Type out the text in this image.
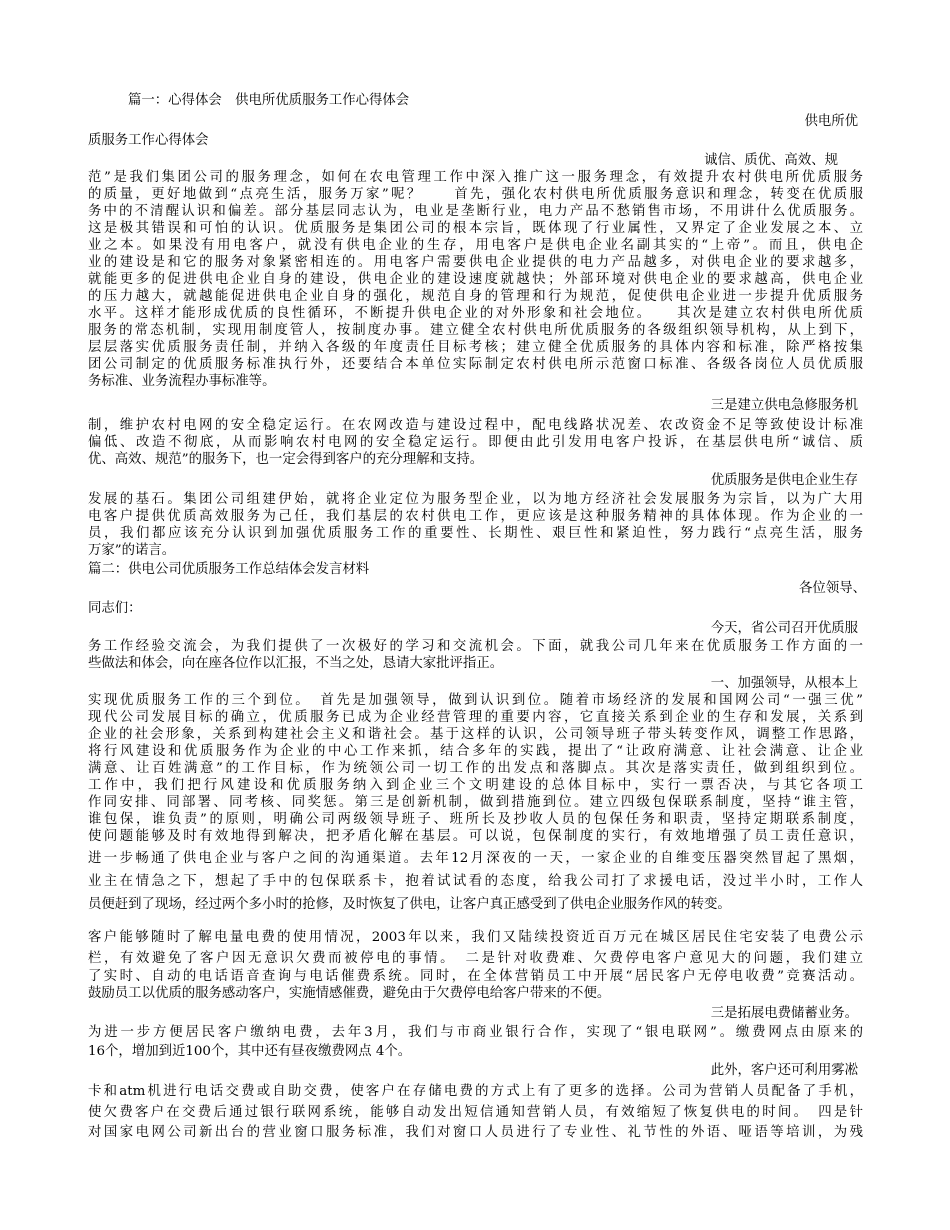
篇一：心得体会　供电所优质服务工作心得体会
供电所优
质服务工作心得体会
诚信、质优、高效、规
范”是我们集团公司的服务理念，如何在农电管理工作中深入推广这一服务理念，有效提升农村供电所优质服务
的质量，更好地做到“点亮生活，服务万家”呢？　　首先，强化农村供电所优质服务意识和理念，转变在优质服
务中的不清醒认识和偏差。部分基层同志认为，电业是垄断行业，电力产品不愁销售市场，不用讲什么优质服务。
这是极其错误和可怕的认识。优质服务是集团公司的根本宗旨，既体现了行业属性，又界定了企业发展之本、立
业之本。如果没有用电客户，就没有供电企业的生存，用电客户是供电企业名副其实的“上帝”。而且，供电企
业的建设是和它的服务对象紧密相连的。用电客户需要供电企业提供的电力产品越多，对供电企业的要求越多，
就能更多的促进供电企业自身的建设，供电企业的建设速度就越快；外部环境对供电企业的要求越高，供电企业
的压力越大，就越能促进供电企业自身的强化，规范自身的管理和行为规范，促使供电企业进一步提升优质服务
水平。这样才能形成优质的良性循环，不断提升供电企业的对外形象和社会地位。　　其次是建立农村供电所优质
服务的常态机制，实现用制度管人，按制度办事。建立健全农村供电所优质服务的各级组织领导机构，从上到下，
层层落实优质服务责任制，并纳入各级的年度责任目标考核；建立健全优质服务的具体内容和标准，除严格按集
团公司制定的优质服务标准执行外，还要结合本单位实际制定农村供电所示范窗口标准、各级各岗位人员优质服
务标准、业务流程办事标准等。
三是建立供电急修服务机
制，维护农村电网的安全稳定运行。在农网改造与建设过程中，配电线路状况差、农改资金不足等致使设计标准
偏低、改造不彻底，从而影响农村电网的安全稳定运行。即便由此引发用电客户投诉，在基层供电所“诚信、质
优、高效、规范”的服务下，也一定会得到客户的充分理解和支持。
优质服务是供电企业生存
发展的基石。集团公司组建伊始，就将企业定位为服务型企业，以为地方经济社会发展服务为宗旨，以为广大用
电客户提供优质高效服务为己任，我们基层的农村供电工作，更应该是这种服务精神的具体体现。作为企业的一
员，我们都应该充分认识到加强优质服务工作的重要性、长期性、艰巨性和紧迫性，努力践行“点亮生活，服务
万家”的诺言。
篇二：供电公司优质服务工作总结体会发言材料
各位领导、
同志们：
今天，省公司召开优质服
务工作经验交流会，为我们提供了一次极好的学习和交流机会。下面，就我公司几年来在优质服务工作方面的一
些做法和体会，向在座各位作以汇报，不当之处，恳请大家批评指正。
一、加强领导，从根本上
实现优质服务工作的三个到位。　首先是加强领导，做到认识到位。随着市场经济的发展和国网公司“一强三优”
现代公司发展目标的确立，优质服务已成为企业经营管理的重要内容，它直接关系到企业的生存和发展，关系到
企业的社会形象，关系到构建社会主义和谐社会。基于这样的认识，公司领导班子带头转变作风，调整工作思路，
将行风建设和优质服务作为企业的中心工作来抓，结合多年的实践，提出了“让政府满意、让社会满意、让企业
满意、让百姓满意”的工作目标，作为统领公司一切工作的出发点和落脚点。其次是落实责任，做到组织到位。
工作中，我们把行风建设和优质服务纳入到企业三个文明建设的总体目标中，实行一票否决，与其它各项工
作同安排、同部署、同考核、同奖惩。第三是创新机制，做到措施到位。建立四级包保联系制度，坚持“谁主管，
谁包保，谁负责”的原则，明确公司两级领导班子、班所长及抄收人员的包保任务和职责，坚持定期联系制度，
使问题能够及时有效地得到解决，把矛盾化解在基层。可以说，包保制度的实行，有效地增强了员工责任意识，
进一步畅通了供电企业与客户之间的沟通渠道。去年12月深夜的一天，一家企业的自维变压器突然冒起了黑烟，
业主在情急之下，想起了手中的包保联系卡，抱着试试看的态度，给我公司打了求援电话，没过半小时，工作人
员便赶到了现场，经过两个多小时的抢修，及时恢复了供电，让客户真正感受到了供电企业服务作风的转变。
客户能够随时了解电量电费的使用情况，2003年以来，我们又陆续投资近百万元在城区居民住宅安装了电费公示
栏，有效避免了客户因无意识欠费而被停电的事情。　二是针对收费难、欠费停电客户意见大的问题，我们建立
了实时、自动的电话语音查询与电话催费系统。同时，在全体营销员工中开展“居民客户无停电收费”竞赛活动。
鼓励员工以优质的服务感动客户，实施情感催费，避免由于欠费停电给客户带来的不便。
三是拓展电费储蓄业务。
为进一步方便居民客户缴纳电费，去年3月，我们与市商业银行合作，实现了“银电联网”。缴费网点由原来的
16个，增加到近100个，其中还有昼夜缴费网点 4个。
此外，客户还可利用雾凇
卡和atm机进行电话交费或自助交费，使客户在存储电费的方式上有了更多的选择。公司为营销人员配备了手机，
使欠费客户在交费后通过银行联网系统，能够自动发出短信通知营销人员，有效缩短了恢复供电的时间。　四是针
对国家电网公司新出台的营业窗口服务标准，我们对窗口人员进行了专业性、礼节性的外语、哑语等培训，为残
